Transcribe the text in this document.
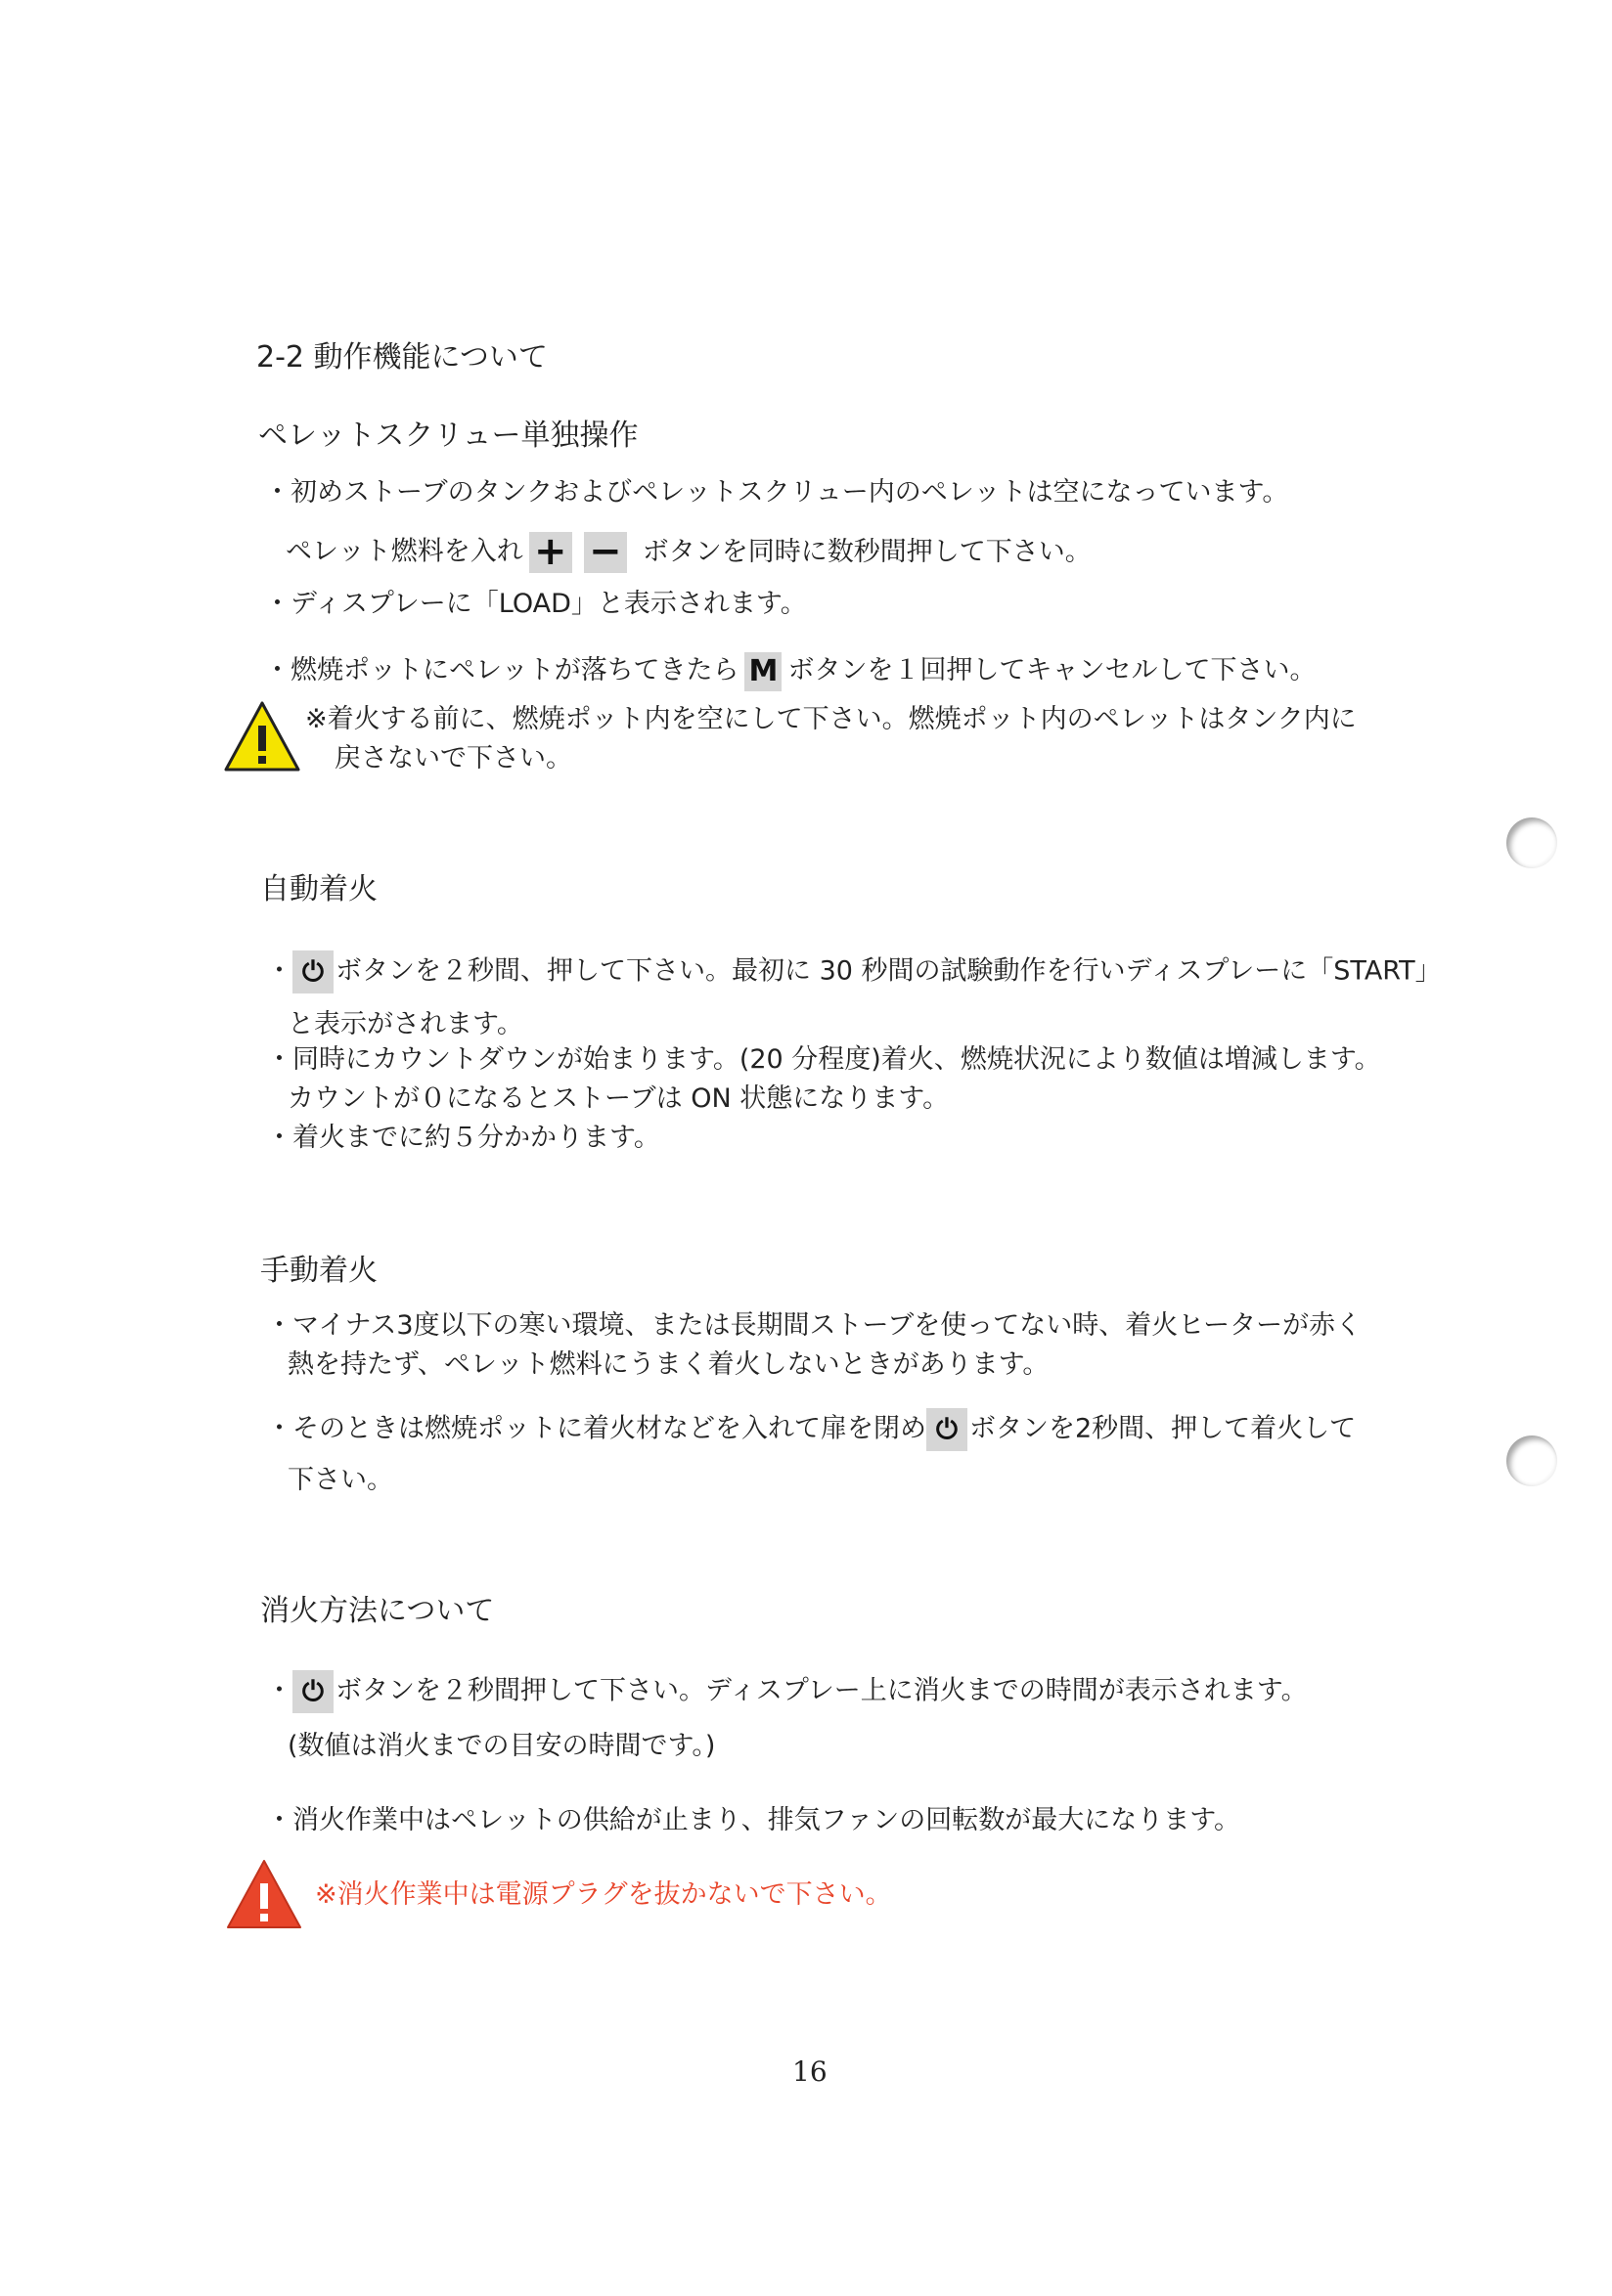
2-2 動作機能について
ペレットスクリュー単独操作
・初めストーブのタンクおよびペレットスクリュー内のペレットは空になっています。
ペレット燃料を入れ + − ボタンを同時に数秒間押して下さい。
・ディスプレーに「LOAD」と表示されます。
・燃焼ポットにペレットが落ちてきたら M ボタンを１回押してキャンセルして下さい。
※着火する前に、燃焼ポット内を空にして下さい。燃焼ポット内のペレットはタンク内に
戻さないで下さい。
自動着火
・ ⏻ ボタンを２秒間、押して下さい。最初に 30 秒間の試験動作を行いディスプレーに「START」
と表示がされます。
・同時にカウントダウンが始まります。(20 分程度)着火、燃焼状況により数値は増減します。
カウントが０になるとストーブは ON 状態になります。
・着火までに約５分かかります。
手動着火
・マイナス3度以下の寒い環境、または長期間ストーブを使ってない時、着火ヒーターが赤く
熱を持たず、ペレット燃料にうまく着火しないときがあります。
・そのときは燃焼ポットに着火材などを入れて扉を閉め ⏻ ボタンを2秒間、押して着火して
下さい。
消火方法について
・ ⏻ ボタンを２秒間押して下さい。ディスプレー上に消火までの時間が表示されます。
(数値は消火までの目安の時間です。)
・消火作業中はペレットの供給が止まり、排気ファンの回転数が最大になります。
※消火作業中は電源プラグを抜かないで下さい。
16
